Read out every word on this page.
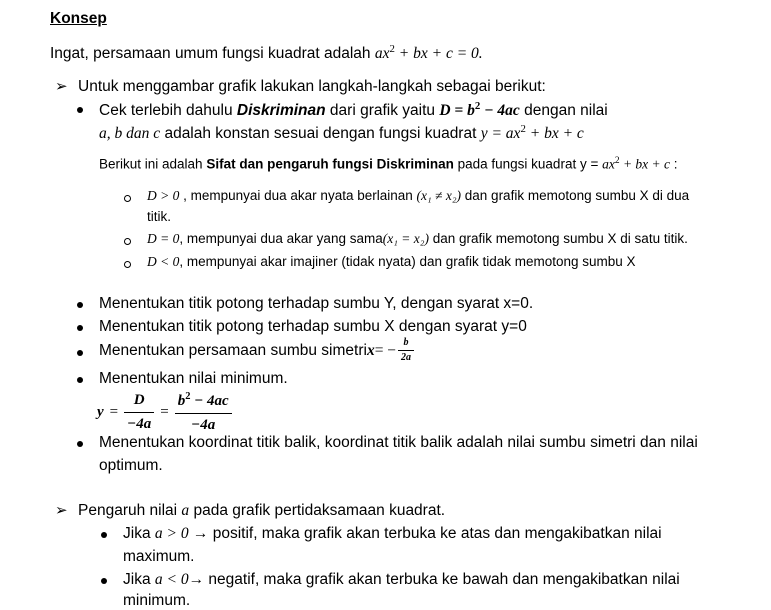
Konsep
Ingat, persamaan umum fungsi kuadrat adalah $ax^2$ + bx + c = 0.
➢ Untuk menggambar grafik lakukan langkah-langkah sebagai berikut:
Cek terlebih dahulu Diskriminan dari grafik yaitu $D = b^2 - 4ac$ dengan nilai
a, b dan c adalah konstan sesuai dengan fungsi kuadrat $y = ax^2$ + bx + c
Berikut ini adalah Sifat dan pengaruh fungsi Diskriminan pada fungsi kuadrat $y = ax^2$ + bx + c :
D > 0 , mempunyai dua akar nyata berlainan (x₁ ≠ x₂) dan grafik memotong sumbu X di dua
titik.
D = 0, mempunyai dua akar yang sama(x₁ = x₂) dan grafik memotong sumbu X di satu titik.
D < 0, mempunyai akar imajiner (tidak nyata) dan grafik tidak memotong sumbu X
Menentukan titik potong terhadap sumbu Y, dengan syarat x=0.
Menentukan titik potong terhadap sumbu X dengan syarat y=0
Menentukan persamaan sumbu simetri x = − $\frac{b}{2a}$
Menentukan nilai minimum.
$y = \frac{D}{-4a} = \frac{b^2 - 4ac}{-4a}$
Menentukan koordinat titik balik, koordinat titik balik adalah nilai sumbu simetri dan nilai
optimum.
➢ Pengaruh nilai a pada grafik pertidaksamaan kuadrat.
Jika a > 0 → positif, maka grafik akan terbuka ke atas dan mengakibatkan nilai
maximum.
Jika a < 0→ negatif, maka grafik akan terbuka ke bawah dan mengakibatkan nilai
minimum.
